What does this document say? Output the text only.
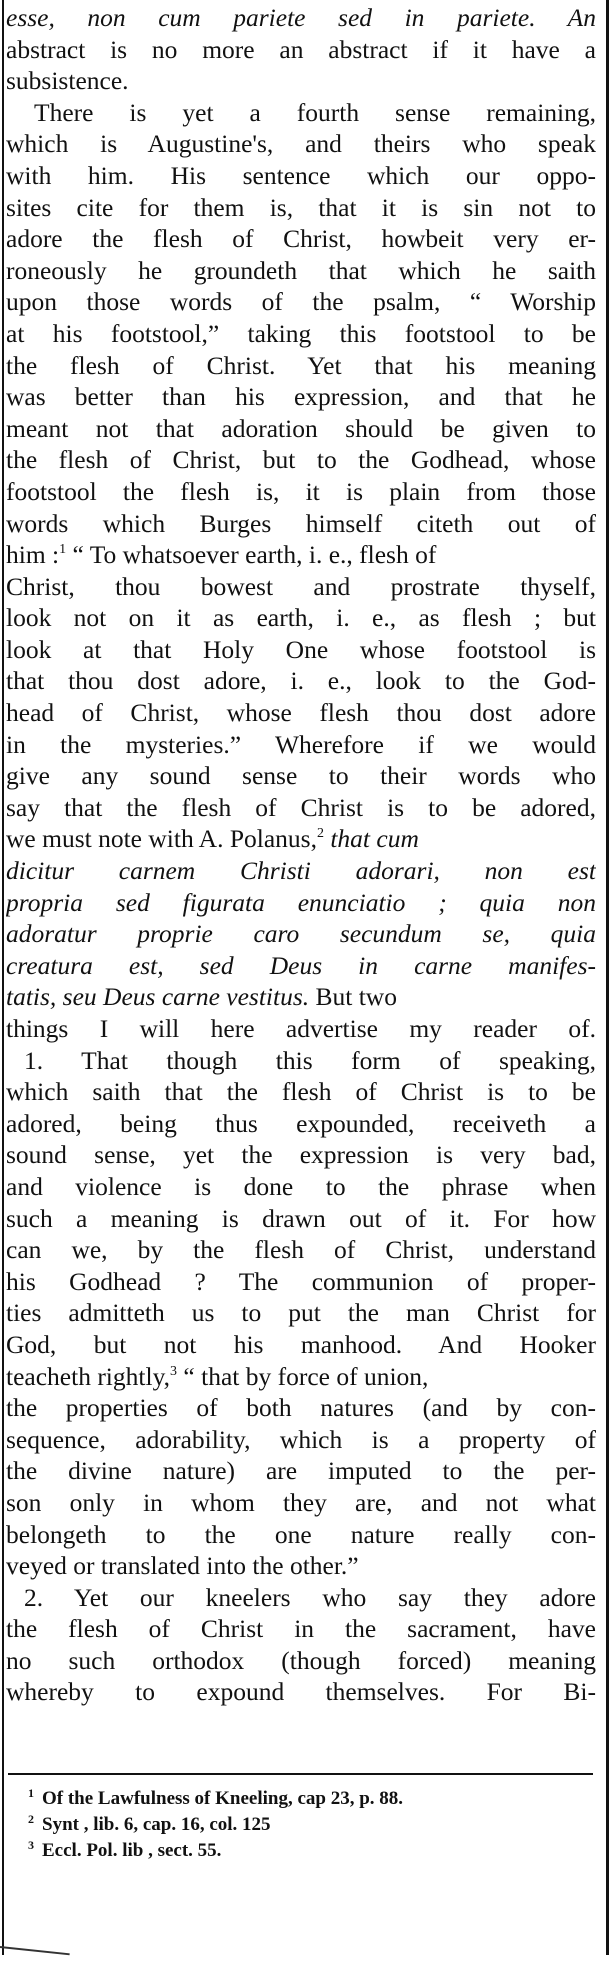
esse, non cum pariete sed in pariete. An
abstract is no more an abstract if it have a
subsistence.
There is yet a fourth sense remaining,
which is Augustine's, and theirs who speak
with him. His sentence which our oppo-
sites cite for them is, that it is sin not to
adore the flesh of Christ, howbeit very er-
roneously he groundeth that which he saith
upon those words of the psalm, “ Worship
at his footstool,” taking this footstool to be
the flesh of Christ. Yet that his meaning
was better than his expression, and that he
meant not that adoration should be given to
the flesh of Christ, but to the Godhead, whose
footstool the flesh is, it is plain from those
words which Burges himself citeth out of
him :$^1$ “ To whatsoever earth, i. e., flesh of
Christ, thou bowest and prostrate thyself,
look not on it as earth, i. e., as flesh ; but
look at that Holy One whose footstool is
that thou dost adore, i. e., look to the God-
head of Christ, whose flesh thou dost adore
in the mysteries.” Wherefore if we would
give any sound sense to their words who
say that the flesh of Christ is to be adored,
we must note with A. Polanus,$^2$ that cum
dicitur carnem Christi adorari, non est
propria sed figurata enunciatio ; quia non
adoratur proprie caro secundum se, quia
creatura est, sed Deus in carne manifes-
tatis, seu Deus carne vestitus. But two
things I will here advertise my reader of.
1. That though this form of speaking,
which saith that the flesh of Christ is to be
adored, being thus expounded, receiveth a
sound sense, yet the expression is very bad,
and violence is done to the phrase when
such a meaning is drawn out of it. For how
can we, by the flesh of Christ, understand
his Godhead ? The communion of proper-
ties admitteth us to put the man Christ for
God, but not his manhood. And Hooker
teacheth rightly,$^3$ “ that by force of union,
the properties of both natures (and by con-
sequence, adorability, which is a property of
the divine nature) are imputed to the per-
son only in whom they are, and not what
belongeth to the one nature really con-
veyed or translated into the other.”
2. Yet our kneelers who say they adore
the flesh of Christ in the sacrament, have
no such orthodox (though forced) meaning
whereby to expound themselves. For Bi-
$^1$ Of the Lawfulness of Kneeling, cap 23, p. 88.
$^2$ Synt , lib. 6, cap. 16, col. 125
$^3$ Eccl. Pol. lib , sect. 55.
